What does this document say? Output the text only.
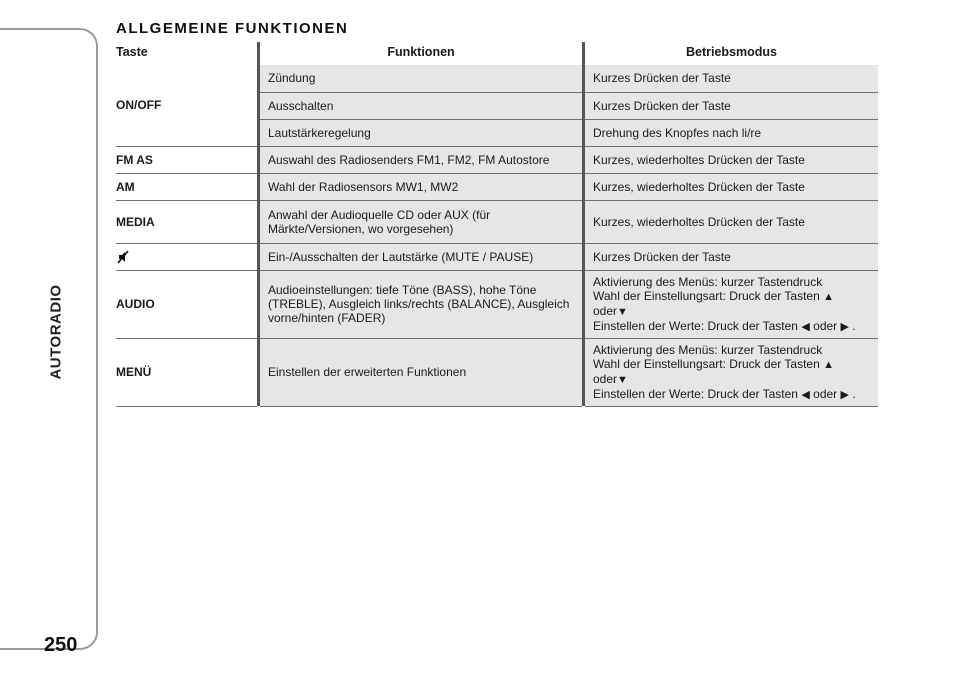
AUTORADIO
250
ALLGEMEINE FUNKTIONEN
Taste		Funktionen		Betriebsmodus
ON/OFF		Zündung		Kurzes Drücken der Taste
		Ausschalten		Kurzes Drücken der Taste
		Lautstärkeregelung		Drehung des Knopfes nach li/re
FM AS		Auswahl des Radiosenders FM1, FM2, FM Autostore		Kurzes, wiederholtes Drücken der Taste
AM		Wahl der Radiosensors MW1, MW2		Kurzes, wiederholtes Drücken der Taste
MEDIA		Anwahl der Audioquelle CD oder AUX (für Märkte/Versionen, wo vorgesehen)		Kurzes, wiederholtes Drücken der Taste
	Ein-/Ausschalten der Lautstärke (MUTE / PAUSE)		Kurzes Drücken der Taste
AUDIO		Audioeinstellungen: tiefe Töne (BASS), hohe Töne (TREBLE), Ausgleich links/rechts (BALANCE), Ausgleich vorne/hinten (FADER)		Aktivierung des Menüs: kurzer Tastendruck
Wahl der Einstellungsart: Druck der Tasten ▲ oder▼
Einstellen der Werte: Druck der Tasten ◀ oder ▶ .

MENÜ		Einstellen der erweiterten Funktionen		Aktivierung des Menüs: kurzer Tastendruck
Wahl der Einstellungsart: Druck der Tasten ▲ oder▼
Einstellen der Werte: Druck der Tasten ◀ oder ▶ .
